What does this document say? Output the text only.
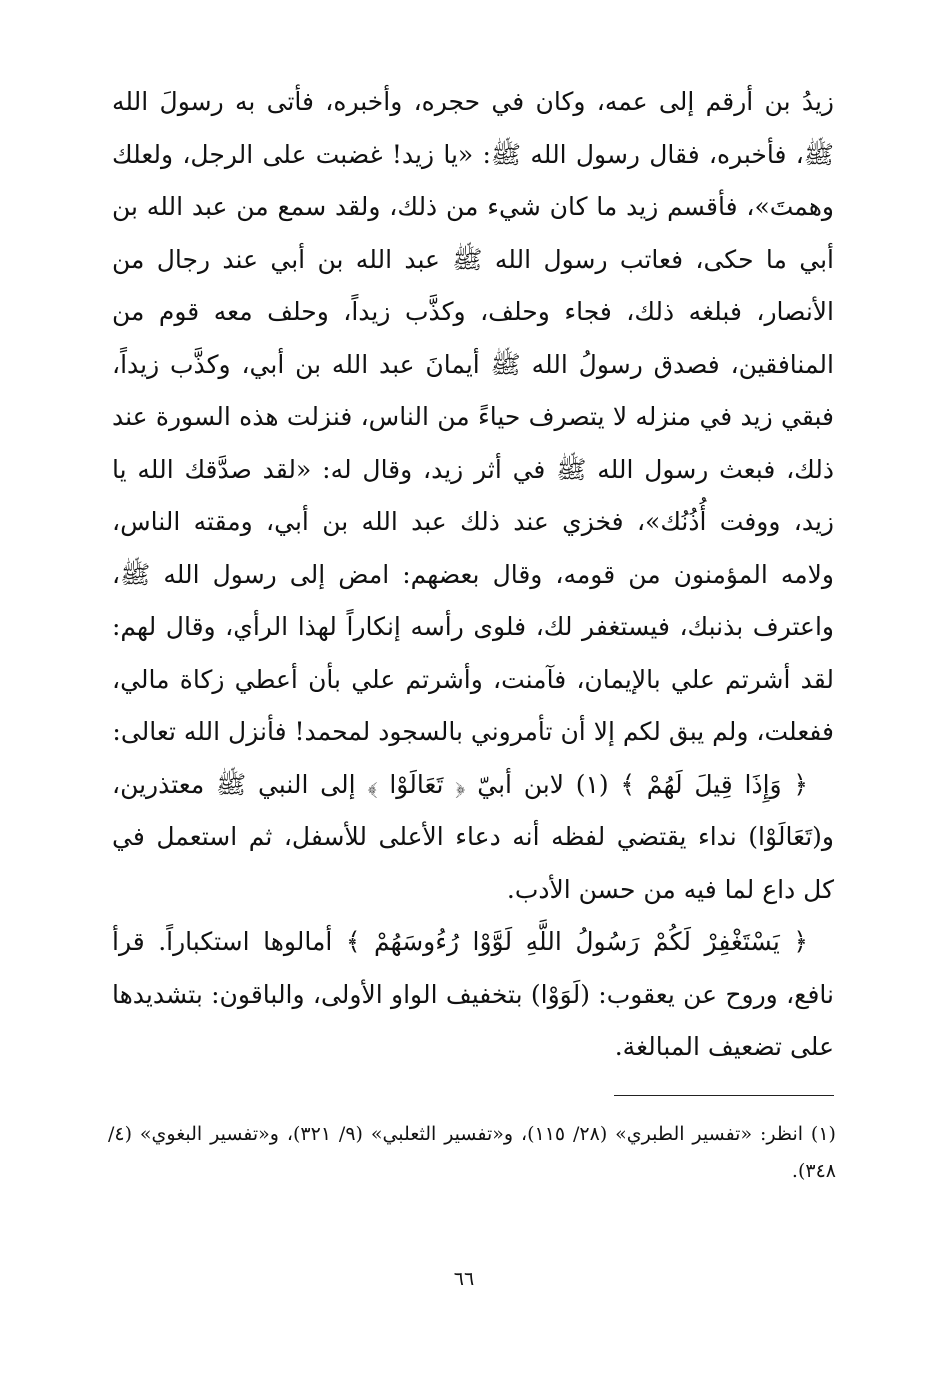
زيدُ بن أرقم إلى عمه، وكان في حجره، وأخبره، فأتى به رسولَ الله ﷺ، فأخبره، فقال رسول الله ﷺ: «يا زيد! غضبت على الرجل، ولعلك وهمتَ»، فأقسم زيد ما كان شيء من ذلك، ولقد سمع من عبد الله بن أبي ما حكى، فعاتب رسول الله ﷺ عبد الله بن أبي عند رجال من الأنصار، فبلغه ذلك، فجاء وحلف، وكذَّب زيداً، وحلف معه قوم من المنافقين، فصدق رسولُ الله ﷺ أيمانَ عبد الله بن أبي، وكذَّب زيداً، فبقي زيد في منزله لا يتصرف حياءً من الناس، فنزلت هذه السورة عند ذلك، فبعث رسول الله ﷺ في أثر زيد، وقال له: «لقد صدَّقك الله يا زيد، ووفت أُذُنُك»، فخزي عند ذلك عبد الله بن أبي، ومقته الناس، ولامه المؤمنون من قومه، وقال بعضهم: امض إلى رسول الله ﷺ، واعترف بذنبك، فيستغفر لك، فلوى رأسه إنكاراً لهذا الرأي، وقال لهم: لقد أشرتم علي بالإيمان، فآمنت، وأشرتم علي بأن أعطي زكاة مالي، ففعلت، ولم يبق لكم إلا أن تأمروني بالسجود لمحمد! فأنزل الله تعالى:

﴿ وَإِذَا قِيلَ لَهُمْ ﴾ (١) لابن أبيّ ﴿ تَعَالَوْا ﴾ إلى النبي ﷺ معتذرين، و(تَعَالَوْا) نداء يقتضي لفظه أنه دعاء الأعلى للأسفل، ثم استعمل في كل داع لما فيه من حسن الأدب.

﴿ يَسْتَغْفِرْ لَكُمْ رَسُولُ اللَّهِ لَوَّوْا رُءُوسَهُمْ ﴾ أمالوها استكباراً. قرأ نافع، وروح عن يعقوب: (لَوَوْا) بتخفيف الواو الأولى، والباقون: بتشديدها على تضعيف المبالغة.

(١) انظر: «تفسير الطبري» (٢٨/ ١١٥)، و«تفسير الثعلبي» (٩/ ٣٢١)، و«تفسير البغوي» (٤/ ٣٤٨).

٦٦
